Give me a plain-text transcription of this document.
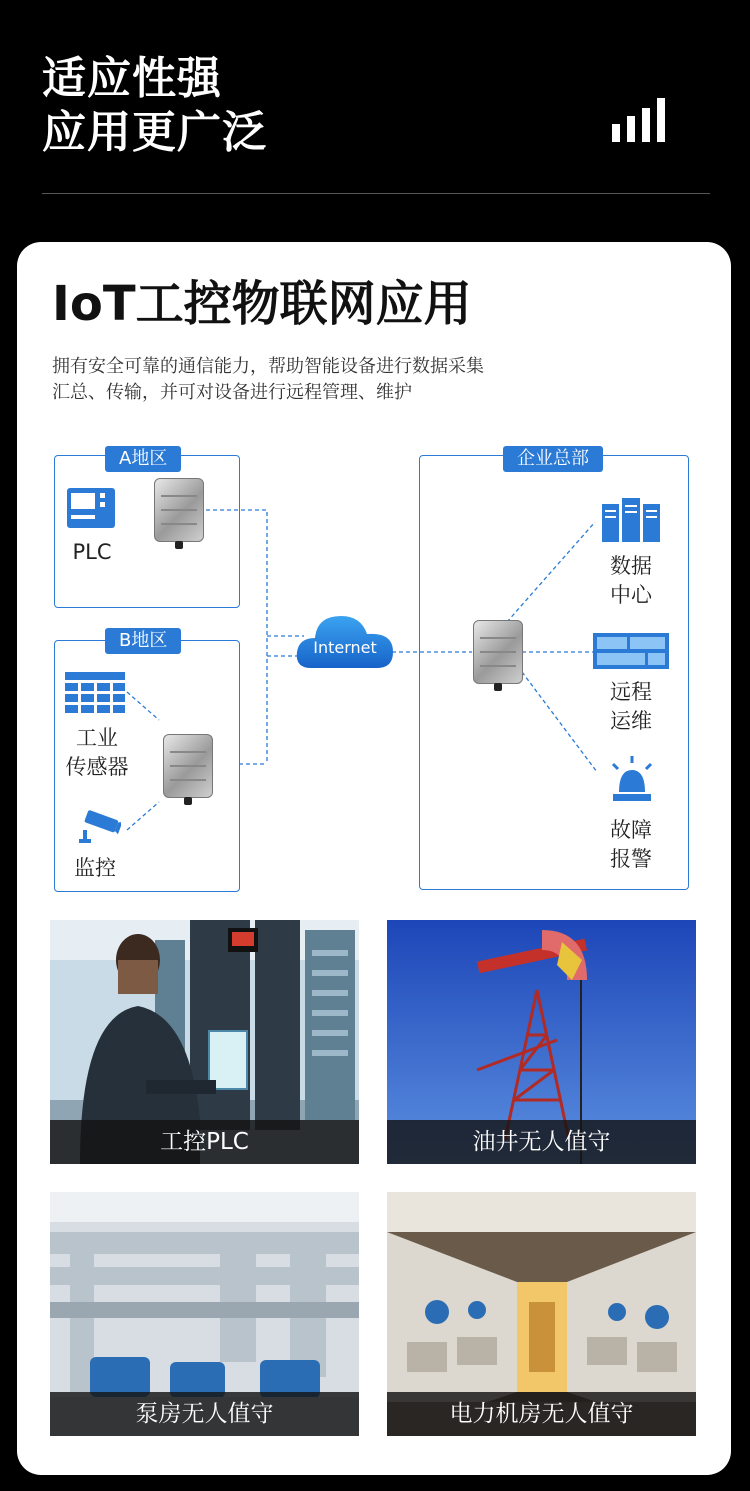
适应性强
应用更广泛
IoT工控物联网应用
拥有安全可靠的通信能力，帮助智能设备进行数据采集
汇总、传输，并可对设备进行远程管理、维护
A地区
PLC
B地区
工业
传感器
监控
Internet
企业总部
数据
中心
远程
运维
故障
报警
工控PLC	油井无人值守
泵房无人值守	电力机房无人值守
